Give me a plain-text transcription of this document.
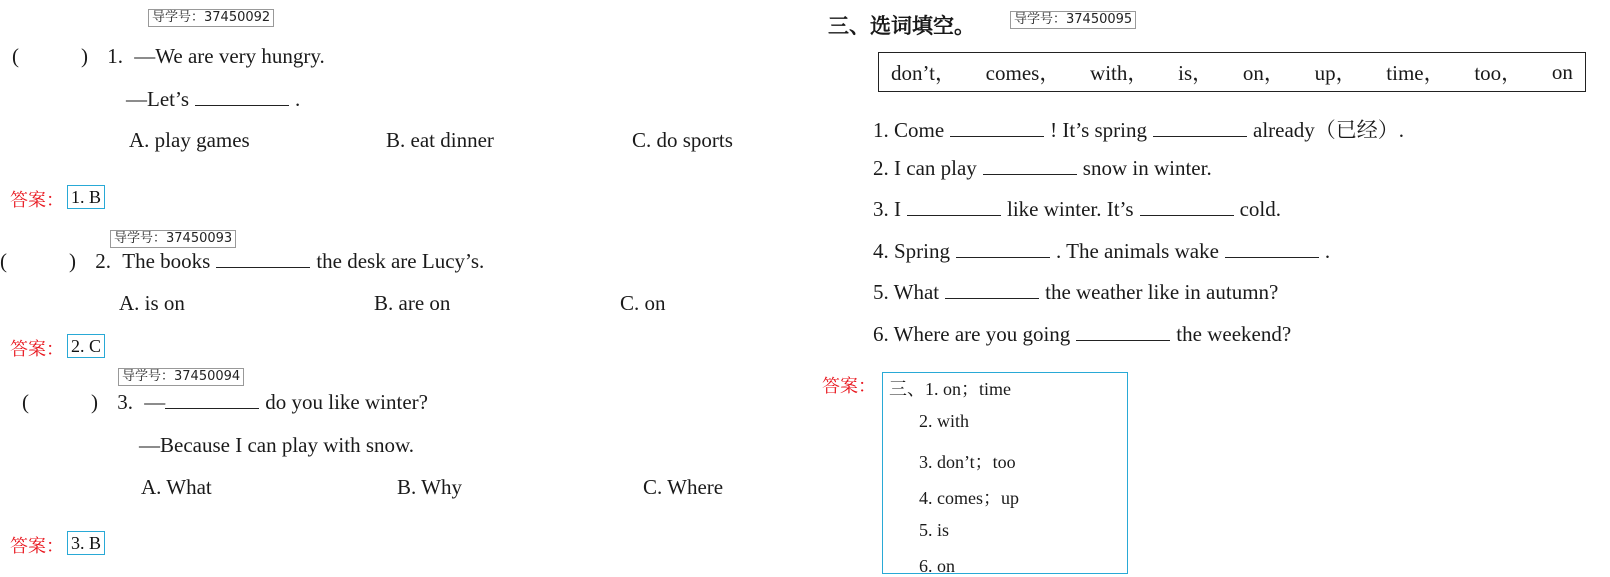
导学号：37450092
(	) 1. —We are very hungry.
—Let’s	.
A. play games	B. eat dinner	C. do sports
答案： 1. B
导学号：37450093
(	) 2. The books	the desk are Lucy’s.
A. is on	B. are on	C. on
答案： 2. C
导学号：37450094
(	) 3. —	do you like winter?
—Because I can play with snow.
A. What	B. Why	C. Where
答案： 3. B
三、选词填空。	导学号：37450095
don’t， comes， with， is， on， up， time， too， on
1. Come	! It’s spring	already（已经）.
2. I can play	snow in winter.
3. I	like winter. It’s	cold.
4. Spring	. The animals wake	.
5. What	the weather like in autumn?
6. Where are you going	the weekend?
答案： 三、1. on；time
2. with
3. don’t；too
4. comes；up
5. is
6. on
